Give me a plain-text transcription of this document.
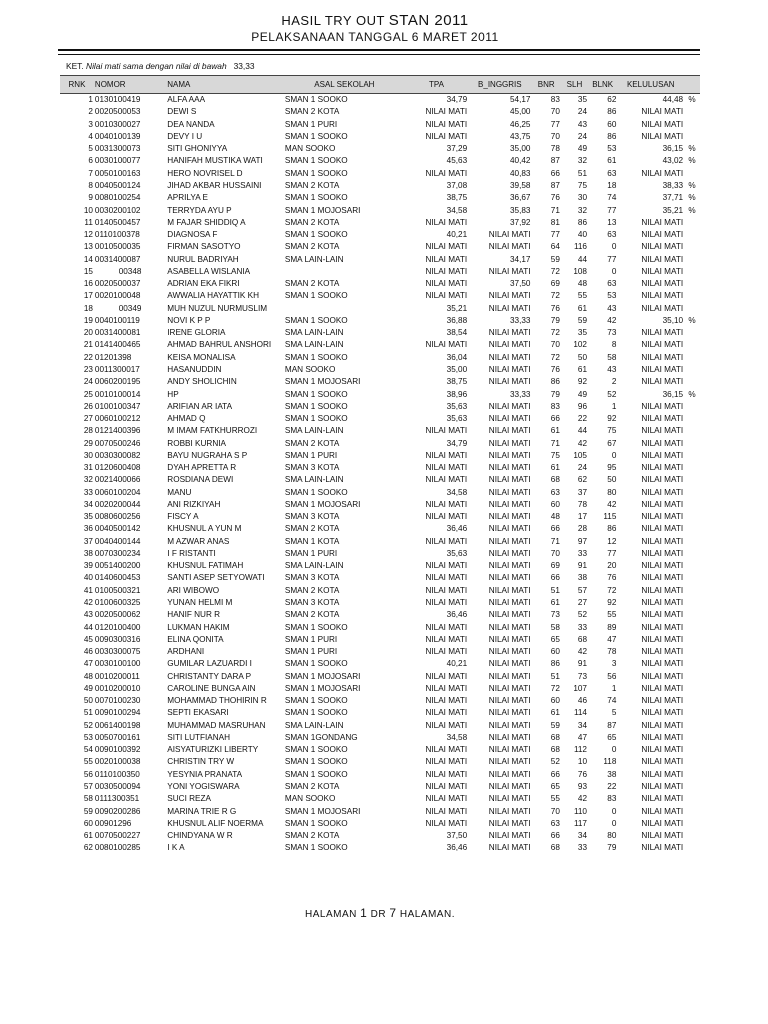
HASIL TRY OUT STAN 2011
PELAKSANAAN TANGGAL 6 MARET 2011
KET. Nilai mati sama dengan nilai di bawah 33,33
RNK	NOMOR	NAMA	ASAL SEKOLAH	TPA	B_INGGRIS	BNR	SLH	BLNK	KELULUSAN	
1	0130100419	ALFA AAA	SMAN 1 SOOKO	34,79	54,17	83	35	62	44,48	%
2	0020500053	DEWI S	SMAN 2 KOTA	NILAI MATI	45,00	70	24	86	NILAI MATI	
3	0010300027	DEA NANDA	SMAN 1 PURI	NILAI MATI	46,25	77	43	60	NILAI MATI	
4	0040100139	DEVY I U	SMAN 1 SOOKO	NILAI MATI	43,75	70	24	86	NILAI MATI	
5	0031300073	SITI GHONIYYA	MAN SOOKO	37,29	35,00	78	49	53	36,15	%
6	0030100077	HANIFAH MUSTIKA WATI	SMAN 1 SOOKO	45,63	40,42	87	32	61	43,02	%
7	0050100163	HERO NOVRISEL D	SMAN 1 SOOKO	NILAI MATI	40,83	66	51	63	NILAI MATI	
8	0040500124	JIHAD AKBAR HUSSAINI	SMAN 2 KOTA	37,08	39,58	87	75	18	38,33	%
9	0080100254	APRILYA E	SMAN 1 SOOKO	38,75	36,67	76	30	74	37,71	%
10	0030200102	TERRYDA AYU P	SMAN 1 MOJOSARI	34,58	35,83	71	32	77	35,21	%
11	0140500457	M FAJAR SHIDDIQ A	SMAN 2 KOTA	NILAI MATI	37,92	81	86	13	NILAI MATI	
12	0110100378	DIAGNOSA F	SMAN 1 SOOKO	40,21	NILAI MATI	77	40	63	NILAI MATI	
13	0010500035	FIRMAN SASOTYO	SMAN 2 KOTA	NILAI MATI	NILAI MATI	64	116	0	NILAI MATI	
14	0031400087	NURUL BADRIYAH	SMA LAIN-LAIN	NILAI MATI	34,17	59	44	77	NILAI MATI	
15	00348	ASABELLA WISLANIA		NILAI MATI	NILAI MATI	72	108	0	NILAI MATI	
16	0020500037	ADRIAN EKA FIKRI	SMAN 2 KOTA	NILAI MATI	37,50	69	48	63	NILAI MATI	
17	0020100048	AWWALIA HAYATTIK KH	SMAN 1 SOOKO	NILAI MATI	NILAI MATI	72	55	53	NILAI MATI	
18	00349	MUH NUZUL NURMUSLIM		35,21	NILAI MATI	76	61	43	NILAI MATI	
19	0040100119	NOVI K P P	SMAN 1 SOOKO	36,88	33,33	79	59	42	35,10	%
20	0031400081	IRENE GLORIA	SMA LAIN-LAIN	38,54	NILAI MATI	72	35	73	NILAI MATI	
21	0141400465	AHMAD BAHRUL ANSHORI	SMA LAIN-LAIN	NILAI MATI	NILAI MATI	70	102	8	NILAI MATI	
22	01201398	KEISA MONALISA	SMAN 1 SOOKO	36,04	NILAI MATI	72	50	58	NILAI MATI	
23	0011300017	HASANUDDIN	MAN SOOKO	35,00	NILAI MATI	76	61	43	NILAI MATI	
24	0060200195	ANDY SHOLICHIN	SMAN 1 MOJOSARI	38,75	NILAI MATI	86	92	2	NILAI MATI	
25	0010100014	HP	SMAN 1 SOOKO	38,96	33,33	79	49	52	36,15	%
26	0100100347	ARIFIAN AR IATA	SMAN 1 SOOKO	35,63	NILAI MATI	83	96	1	NILAI MATI	
27	0060100212	AHMAD Q	SMAN 1 SOOKO	35,63	NILAI MATI	66	22	92	NILAI MATI	
28	0121400396	M IMAM FATKHURROZI	SMA LAIN-LAIN	NILAI MATI	NILAI MATI	61	44	75	NILAI MATI	
29	0070500246	ROBBI KURNIA	SMAN 2 KOTA	34,79	NILAI MATI	71	42	67	NILAI MATI	
30	0030300082	BAYU NUGRAHA S P	SMAN 1 PURI	NILAI MATI	NILAI MATI	75	105	0	NILAI MATI	
31	0120600408	DYAH APRETTA R	SMAN 3 KOTA	NILAI MATI	NILAI MATI	61	24	95	NILAI MATI	
32	0021400066	ROSDIANA DEWI	SMA LAIN-LAIN	NILAI MATI	NILAI MATI	68	62	50	NILAI MATI	
33	0060100204	MANU	SMAN 1 SOOKO	34,58	NILAI MATI	63	37	80	NILAI MATI	
34	0020200044	ANI RIZKIYAH	SMAN 1 MOJOSARI	NILAI MATI	NILAI MATI	60	78	42	NILAI MATI	
35	0080600256	FISCY A	SMAN 3 KOTA	NILAI MATI	NILAI MATI	48	17	115	NILAI MATI	
36	0040500142	KHUSNUL A YUN M	SMAN 2 KOTA	36,46	NILAI MATI	66	28	86	NILAI MATI	
37	0040400144	M AZWAR ANAS	SMAN 1 KOTA	NILAI MATI	NILAI MATI	71	97	12	NILAI MATI	
38	0070300234	I F RISTANTI	SMAN 1 PURI	35,63	NILAI MATI	70	33	77	NILAI MATI	
39	0051400200	KHUSNUL FATIMAH	SMA LAIN-LAIN	NILAI MATI	NILAI MATI	69	91	20	NILAI MATI	
40	0140600453	SANTI ASEP SETYOWATI	SMAN 3 KOTA	NILAI MATI	NILAI MATI	66	38	76	NILAI MATI	
41	0100500321	ARI WIBOWO	SMAN 2 KOTA	NILAI MATI	NILAI MATI	51	57	72	NILAI MATI	
42	0100600325	YUNAN HELMI M	SMAN 3 KOTA	NILAI MATI	NILAI MATI	61	27	92	NILAI MATI	
43	0020500062	HANIF NUR R	SMAN 2 KOTA	36,46	NILAI MATI	73	52	55	NILAI MATI	
44	0120100400	LUKMAN HAKIM	SMAN 1 SOOKO	NILAI MATI	NILAI MATI	58	33	89	NILAI MATI	
45	0090300316	ELINA QONITA	SMAN 1 PURI	NILAI MATI	NILAI MATI	65	68	47	NILAI MATI	
46	0030300075	ARDHANI	SMAN 1 PURI	NILAI MATI	NILAI MATI	60	42	78	NILAI MATI	
47	0030100100	GUMILAR LAZUARDI I	SMAN 1 SOOKO	40,21	NILAI MATI	86	91	3	NILAI MATI	
48	0010200011	CHRISTANTY DARA P	SMAN 1 MOJOSARI	NILAI MATI	NILAI MATI	51	73	56	NILAI MATI	
49	0010200010	CAROLINE BUNGA AIN	SMAN 1 MOJOSARI	NILAI MATI	NILAI MATI	72	107	1	NILAI MATI	
50	0070100230	MOHAMMAD THOHIRIN R	SMAN 1 SOOKO	NILAI MATI	NILAI MATI	60	46	74	NILAI MATI	
51	0090100294	SEPTI EKASARI	SMAN 1 SOOKO	NILAI MATI	NILAI MATI	61	114	5	NILAI MATI	
52	0061400198	MUHAMMAD MASRUHAN	SMA LAIN-LAIN	NILAI MATI	NILAI MATI	59	34	87	NILAI MATI	
53	0050700161	SITI LUTFIANAH	SMAN 1GONDANG	34,58	NILAI MATI	68	47	65	NILAI MATI	
54	0090100392	AISYATURIZKI LIBERTY	SMAN 1 SOOKO	NILAI MATI	NILAI MATI	68	112	0	NILAI MATI	
55	0020100038	CHRISTIN TRY W	SMAN 1 SOOKO	NILAI MATI	NILAI MATI	52	10	118	NILAI MATI	
56	0110100350	YESYNIA PRANATA	SMAN 1 SOOKO	NILAI MATI	NILAI MATI	66	76	38	NILAI MATI	
57	0030500094	YONI YOGISWARA	SMAN 2 KOTA	NILAI MATI	NILAI MATI	65	93	22	NILAI MATI	
58	0111300351	SUCI REZA	MAN SOOKO	NILAI MATI	NILAI MATI	55	42	83	NILAI MATI	
59	0090200286	MARINA TRIE R G	SMAN 1 MOJOSARI	NILAI MATI	NILAI MATI	70	110	0	NILAI MATI	
60	00901296	KHUSNUL ALIF NOERMA	SMAN 1 SOOKO	NILAI MATI	NILAI MATI	63	117	0	NILAI MATI	
61	0070500227	CHINDYANA W R	SMAN 2 KOTA	37,50	NILAI MATI	66	34	80	NILAI MATI	
62	0080100285	I K A	SMAN 1 SOOKO	36,46	NILAI MATI	68	33	79	NILAI MATI	
HALAMAN 1 DR 7 HALAMAN.
